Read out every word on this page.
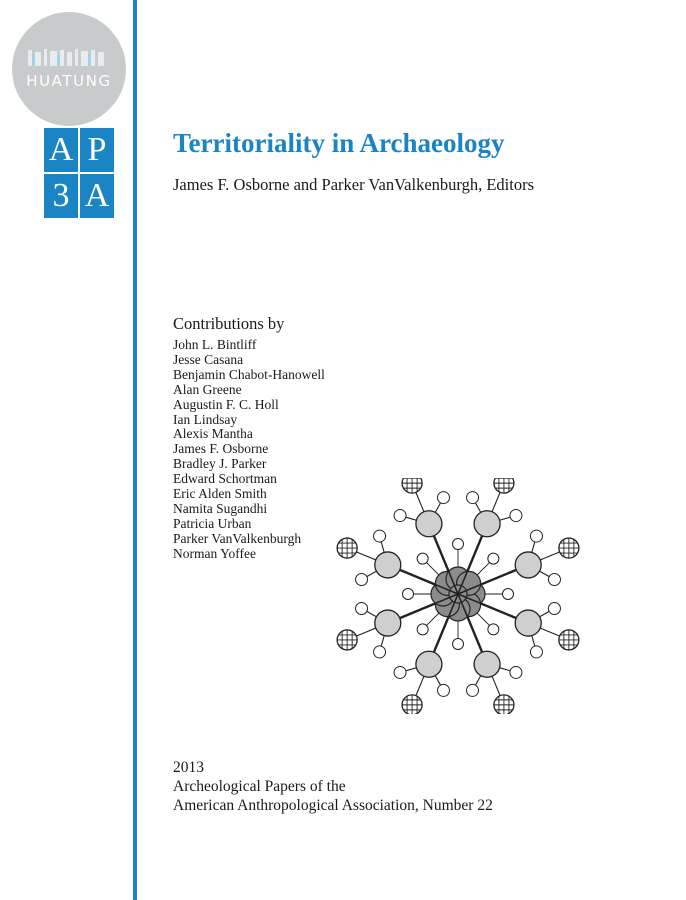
HUATUNG
A P
3 A
Territoriality in Archaeology
James F. Osborne and Parker VanValkenburgh, Editors
Contributions by
John L. Bintliff
Jesse Casana
Benjamin Chabot-Hanowell
Alan Greene
Augustin F. C. Holl
Ian Lindsay
Alexis Mantha
James F. Osborne
Bradley J. Parker
Edward Schortman
Eric Alden Smith
Namita Sugandhi
Patricia Urban
Parker VanValkenburgh
Norman Yoffee
2013
Archeological Papers of the
American Anthropological Association, Number 22
